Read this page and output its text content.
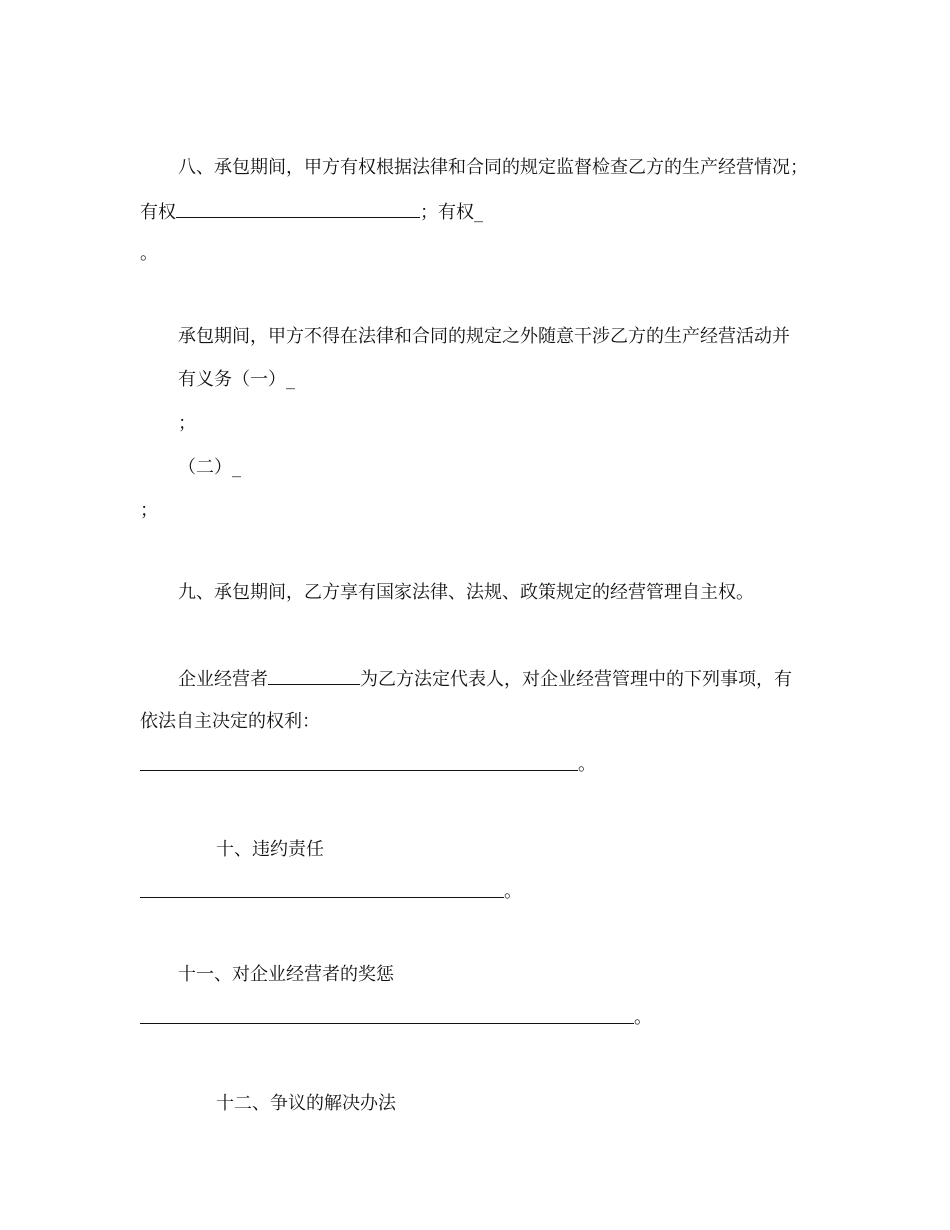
八、承包期间，甲方有权根据法律和合同的规定监督检查乙方的生产经营情况；
有权	；有权_
。
承包期间，甲方不得在法律和合同的规定之外随意干涉乙方的生产经营活动并
有义务（一）_
；
（二）_
；
九、承包期间，乙方享有国家法律、法规、政策规定的经营管理自主权。
企业经营者	为乙方法定代表人，对企业经营管理中的下列事项，有
依法自主决定的权利：
。
十、违约责任
。
十一、对企业经营者的奖惩
。
十二、争议的解决办法
